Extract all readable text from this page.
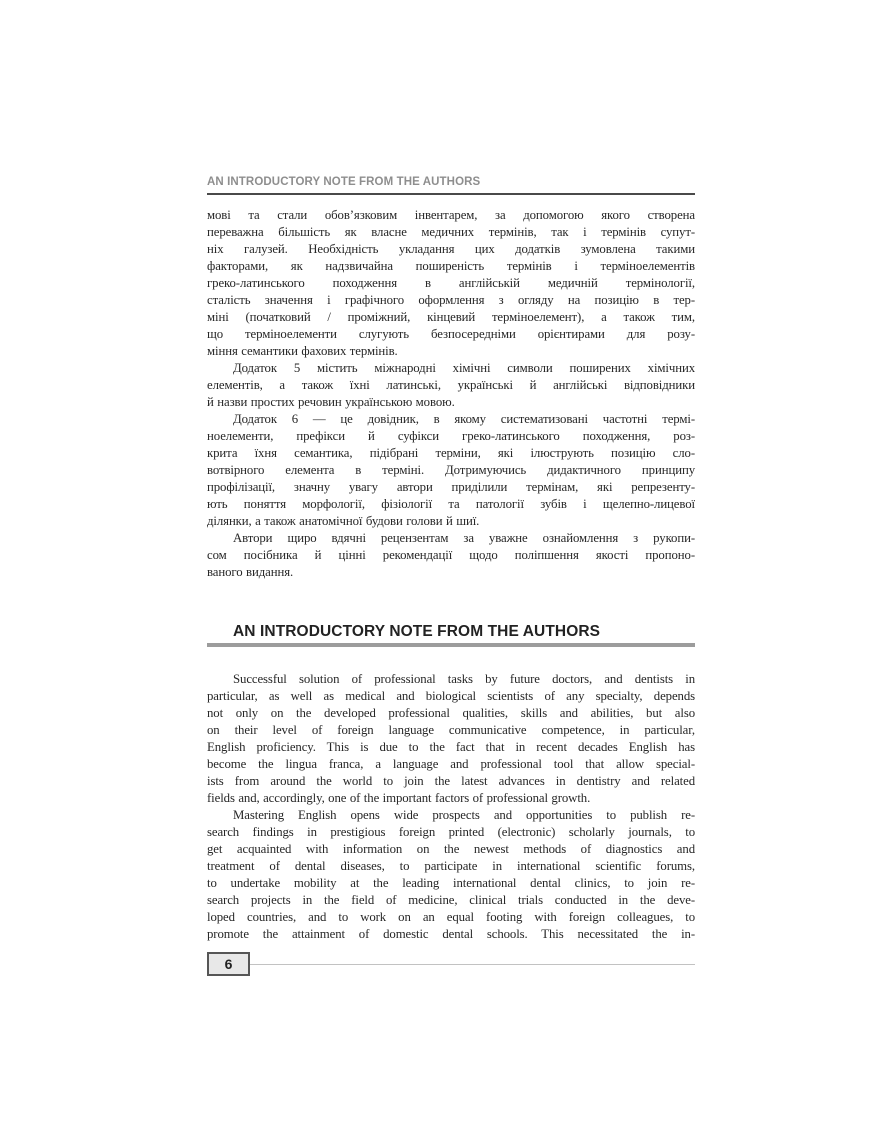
AN INTRODUCTORY NOTE FROM THE AUTHORS
мові та стали обов’язковим інвентарем, за допомогою якого створена
переважна більшість як власне медичних термінів, так і термінів супут-
ніх галузей. Необхідність укладання цих додатків зумовлена такими
факторами, як надзвичайна поширеність термінів і терміноелементів
греко-латинського походження в англійській медичній термінології,
сталість значення і графічного оформлення з огляду на позицію в тер-
міні (початковий / проміжний, кінцевий терміноелемент), а також тим,
що терміноелементи слугують безпосередніми орієнтирами для розу-
міння семантики фахових термінів.
Додаток 5 містить міжнародні хімічні символи поширених хімічних
елементів, а також їхні латинські, українські й англійські відповідники
й назви простих речовин українською мовою.
Додаток 6 — це довідник, в якому систематизовані частотні термі-
ноелементи, префікси й суфікси греко-латинського походження, роз-
крита їхня семантика, підібрані терміни, які ілюструють позицію сло-
вотвірного елемента в терміні. Дотримуючись дидактичного принципу
профілізації, значну увагу автори приділили термінам, які репрезенту-
ють поняття морфології, фізіології та патології зубів і щелепно-лицевої
ділянки, а також анатомічної будови голови й шиї.
Автори щиро вдячні рецензентам за уважне ознайомлення з рукопи-
сом посібника й цінні рекомендації щодо поліпшення якості пропоно-
ваного видання.
AN INTRODUCTORY NOTE FROM THE AUTHORS
Successful solution of professional tasks by future doctors, and dentists in
particular, as well as medical and biological scientists of any specialty, depends
not only on the developed professional qualities, skills and abilities, but also
on their level of foreign language communicative competence, in particular,
English proficiency. This is due to the fact that in recent decades English has
become the lingua franca, a language and professional tool that allow special-
ists from around the world to join the latest advances in dentistry and related
fields and, accordingly, one of the important factors of professional growth.
Mastering English opens wide prospects and opportunities to publish re-
search findings in prestigious foreign printed (electronic) scholarly journals, to
get acquainted with information on the newest methods of diagnostics and
treatment of dental diseases, to participate in international scientific forums,
to undertake mobility at the leading international dental clinics, to join re-
search projects in the field of medicine, clinical trials conducted in the deve-
loped countries, and to work on an equal footing with foreign colleagues, to
promote the attainment of domestic dental schools. This necessitated the in-
6
